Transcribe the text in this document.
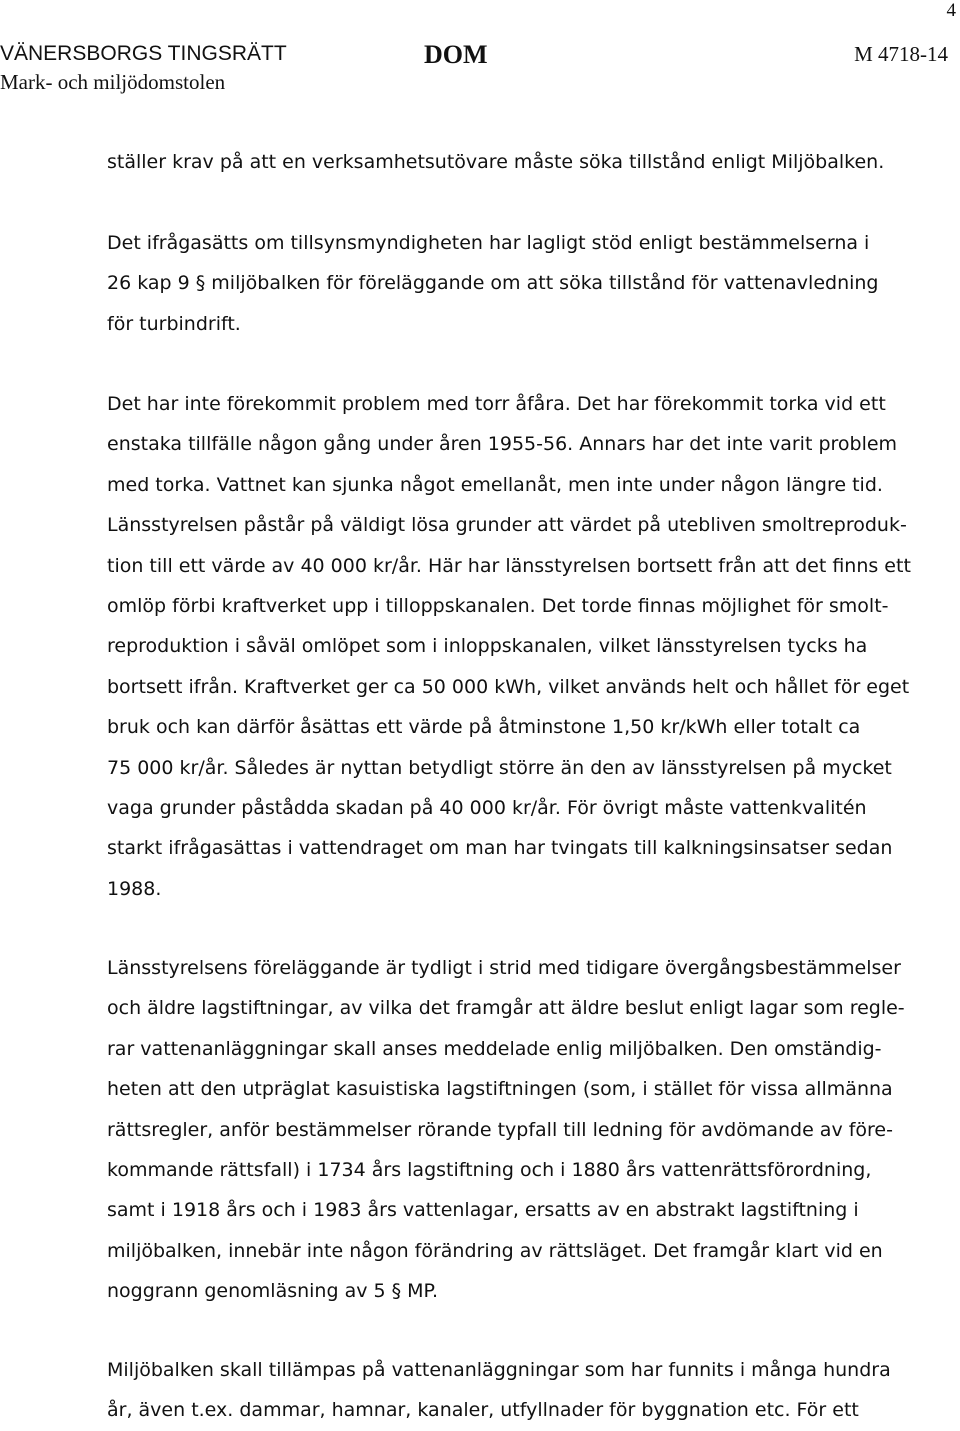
4
VÄNERSBORGS TINGSRÄTT
Mark- och miljödomstolen
DOM	M 4718-14
ställer krav på att en verksamhetsutövare måste söka tillstånd enligt Miljöbalken.
Det ifrågasätts om tillsynsmyndigheten har lagligt stöd enligt bestämmelserna i
26 kap 9 § miljöbalken för föreläggande om att söka tillstånd för vattenavledning
för turbindrift.
Det har inte förekommit problem med torr åfåra. Det har förekommit torka vid ett
enstaka tillfälle någon gång under åren 1955-56. Annars har det inte varit problem
med torka. Vattnet kan sjunka något emellanåt, men inte under någon längre tid.
Länsstyrelsen påstår på väldigt lösa grunder att värdet på utebliven smoltreproduk-
tion till ett värde av 40 000 kr/år. Här har länsstyrelsen bortsett från att det finns ett
omlöp förbi kraftverket upp i tilloppskanalen. Det torde finnas möjlighet för smolt-
reproduktion i såväl omlöpet som i inloppskanalen, vilket länsstyrelsen tycks ha
bortsett ifrån. Kraftverket ger ca 50 000 kWh, vilket används helt och hållet för eget
bruk och kan därför åsättas ett värde på åtminstone 1,50 kr/kWh eller totalt ca
75 000 kr/år. Således är nyttan betydligt större än den av länsstyrelsen på mycket
vaga grunder påstådda skadan på 40 000 kr/år. För övrigt måste vattenkvalitén
starkt ifrågasättas i vattendraget om man har tvingats till kalkningsinsatser sedan
1988.
Länsstyrelsens föreläggande är tydligt i strid med tidigare övergångsbestämmelser
och äldre lagstiftningar, av vilka det framgår att äldre beslut enligt lagar som regle-
rar vattenanläggningar skall anses meddelade enlig miljöbalken. Den omständig-
heten att den utpräglat kasuistiska lagstiftningen (som, i stället för vissa allmänna
rättsregler, anför bestämmelser rörande typfall till ledning för avdömande av före-
kommande rättsfall) i 1734 års lagstiftning och i 1880 års vattenrättsförordning,
samt i 1918 års och i 1983 års vattenlagar, ersatts av en abstrakt lagstiftning i
miljöbalken, innebär inte någon förändring av rättsläget. Det framgår klart vid en
noggrann genomläsning av 5 § MP.
Miljöbalken skall tillämpas på vattenanläggningar som har funnits i många hundra
år, även t.ex. dammar, hamnar, kanaler, utfyllnader för byggnation etc. För ett
